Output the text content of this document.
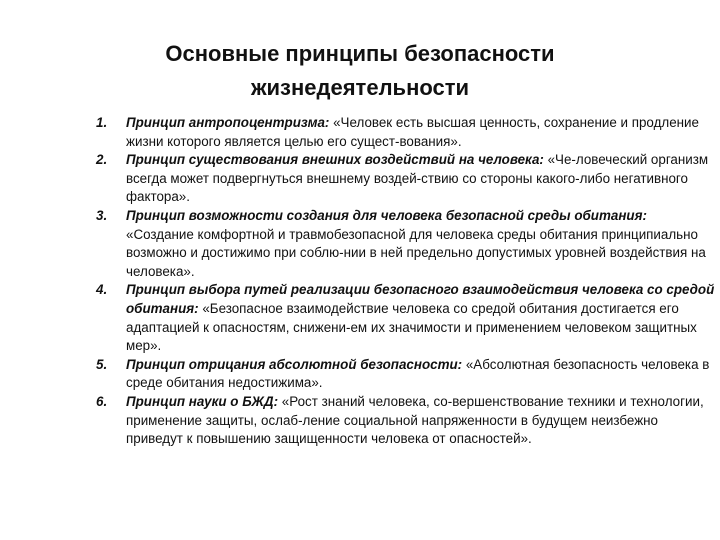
Основные принципы безопасности
жизнедеятельности
1. Принцип антропоцентризма: «Человек есть высшая ценность, сохранение и продление жизни которого является целью его сущест-вования».
2. Принцип существования внешних воздействий на человека: «Че-ловеческий организм всегда может подвергнуться внешнему воздей-ствию со стороны какого-либо негативного фактора».
3. Принцип возможности создания для человека безопасной среды обитания: «Создание комфортной и травмобезопасной для человека среды обитания принципиально возможно и достижимо при соблю-нии в ней предельно допустимых уровней воздействия на человека».
4. Принцип выбора путей реализации безопасного взаимодействия человека со средой обитания: «Безопасное взаимодействие человека со средой обитания достигается его адаптацией к опасностям, снижени-ем их значимости и применением человеком защитных мер».
5. Принцип отрицания абсолютной безопасности: «Абсолютная безопасность человека в среде обитания недостижима».
6. Принцип науки о БЖД: «Рост знаний человека, со-вершенствование техники и технологии, применение защиты, ослаб-ление социальной напряженности в будущем неизбежно приведут к повышению защищенности человека от опасностей».
